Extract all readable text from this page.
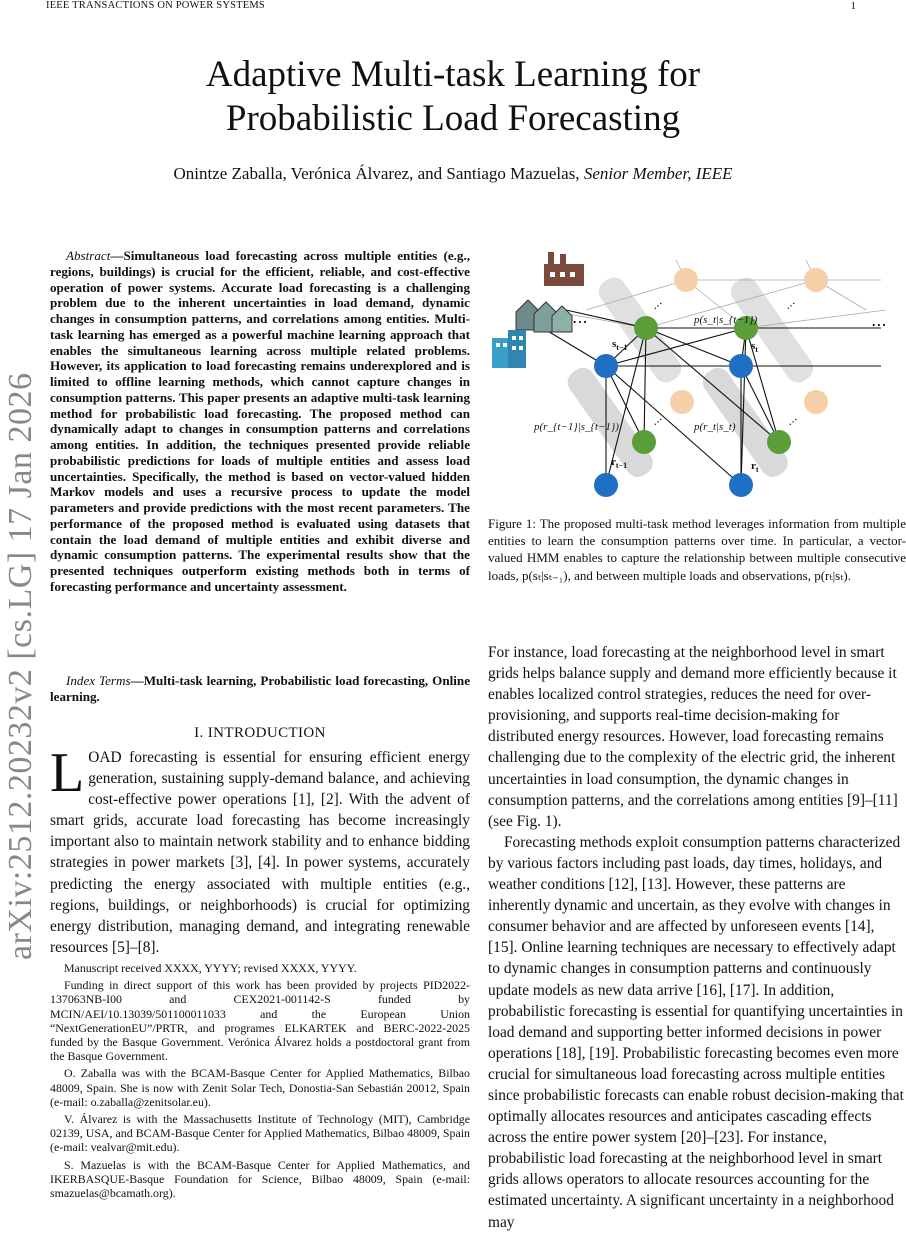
IEEE TRANSACTIONS ON POWER SYSTEMS	1
arXiv:2512.20232v2 [cs.LG] 17 Jan 2026
Adaptive Multi-task Learning for
Probabilistic Load Forecasting
Onintze Zaballa, Verónica Álvarez, and Santiago Mazuelas, Senior Member, IEEE

Abstract—Simultaneous load forecasting across multiple entities (e.g., regions, buildings) is crucial for the efficient, reliable, and cost-effective operation of power systems. Accurate load forecasting is a challenging problem due to the inherent uncertainties in load demand, dynamic changes in consumption patterns, and correlations among entities. Multi-task learning has emerged as a powerful machine learning approach that enables the simultaneous learning across multiple related problems. However, its application to load forecasting remains underexplored and is limited to offline learning methods, which cannot capture changes in consumption patterns. This paper presents an adaptive multi-task learning method for probabilistic load forecasting. The proposed method can dynamically adapt to changes in consumption patterns and correlations among entities. In addition, the techniques presented provide reliable probabilistic predictions for loads of multiple entities and assess load uncertainties. Specifically, the method is based on vector-valued hidden Markov models and uses a recursive process to update the model parameters and provide predictions with the most recent parameters. The performance of the proposed method is evaluated using datasets that contain the load demand of multiple entities and exhibit diverse and dynamic consumption patterns. The experimental results show that the presented techniques outperform existing methods both in terms of forecasting performance and uncertainty assessment.

Index Terms—Multi-task learning, Probabilistic load forecasting, Online learning.
I. INTRODUCTION
LOAD forecasting is essential for ensuring efficient energy generation, sustaining supply-demand balance, and achieving cost-effective power operations [1], [2]. With the advent of smart grids, accurate load forecasting has become increasingly important also to maintain network stability and to enhance bidding strategies in power markets [3], [4]. In power systems, accurately predicting the energy associated with multiple entities (e.g., regions, buildings, or neighborhoods) is crucial for optimizing energy distribution, managing demand, and integrating renewable resources [5]–[8].

Manuscript received XXXX, YYYY; revised XXXX, YYYY.

Funding in direct support of this work has been provided by projects PID2022-137063NB-I00 and CEX2021-001142-S funded by MCIN/AEI/10.13039/501100011033 and the European Union “NextGenerationEU”/PRTR, and programes ELKARTEK and BERC-2022-2025 funded by the Basque Government. Verónica Álvarez holds a postdoctoral grant from the Basque Government.

O. Zaballa was with the BCAM-Basque Center for Applied Mathematics, Bilbao 48009, Spain. She is now with Zenit Solar Tech, Donostia-San Sebastián 20012, Spain (e-mail: o.zaballa@zenitsolar.eu).

V. Álvarez is with the Massachusetts Institute of Technology (MIT), Cambridge 02139, USA, and BCAM-Basque Center for Applied Mathematics, Bilbao 48009, Spain (e-mail: vealvar@mit.edu).

S. Mazuelas is with the BCAM-Basque Center for Applied Mathematics, and IKERBASQUE-Basque Foundation for Science, Bilbao 48009, Spain (e-mail: smazuelas@bcamath.org).

⋯	⋯
⋯	⋯
⋯	⋯
p(s_t|s_{t−1})
p(r_{t−1}|s_{t−1})	p(r_t|s_t)
$s_{t-1}$	$s_t$
$r_{t-1}$	$r_t$
Figure 1: The proposed multi-task method leverages information from multiple entities to learn the consumption patterns over time. In particular, a vector-valued HMM enables to capture the relationship between multiple consecutive loads, p(sₜ|sₜ₋₁), and between multiple loads and observations, p(rₜ|sₜ).

For instance, load forecasting at the neighborhood level in smart grids helps balance supply and demand more efficiently because it enables localized control strategies, reduces the need for over-provisioning, and supports real-time decision-making for distributed energy resources. However, load forecasting remains challenging due to the complexity of the electric grid, the inherent uncertainties in load consumption, the dynamic changes in consumption patterns, and the correlations among entities [9]–[11] (see Fig. 1).

Forecasting methods exploit consumption patterns characterized by various factors including past loads, day times, holidays, and weather conditions [12], [13]. However, these patterns are inherently dynamic and uncertain, as they evolve with changes in consumer behavior and are affected by unforeseen events [14], [15]. Online learning techniques are necessary to effectively adapt to dynamic changes in consumption patterns and continuously update models as new data arrive [16], [17]. In addition, probabilistic forecasting is essential for quantifying uncertainties in load demand and supporting better informed decisions in power operations [18], [19]. Probabilistic forecasting becomes even more crucial for simultaneous load forecasting across multiple entities since probabilistic forecasts can enable robust decision-making that optimally allocates resources and anticipates cascading effects across the entire power system [20]–[23]. For instance, probabilistic load forecasting at the neighborhood level in smart grids allows operators to allocate resources accounting for the estimated uncertainty. A significant uncertainty in a neighborhood may
